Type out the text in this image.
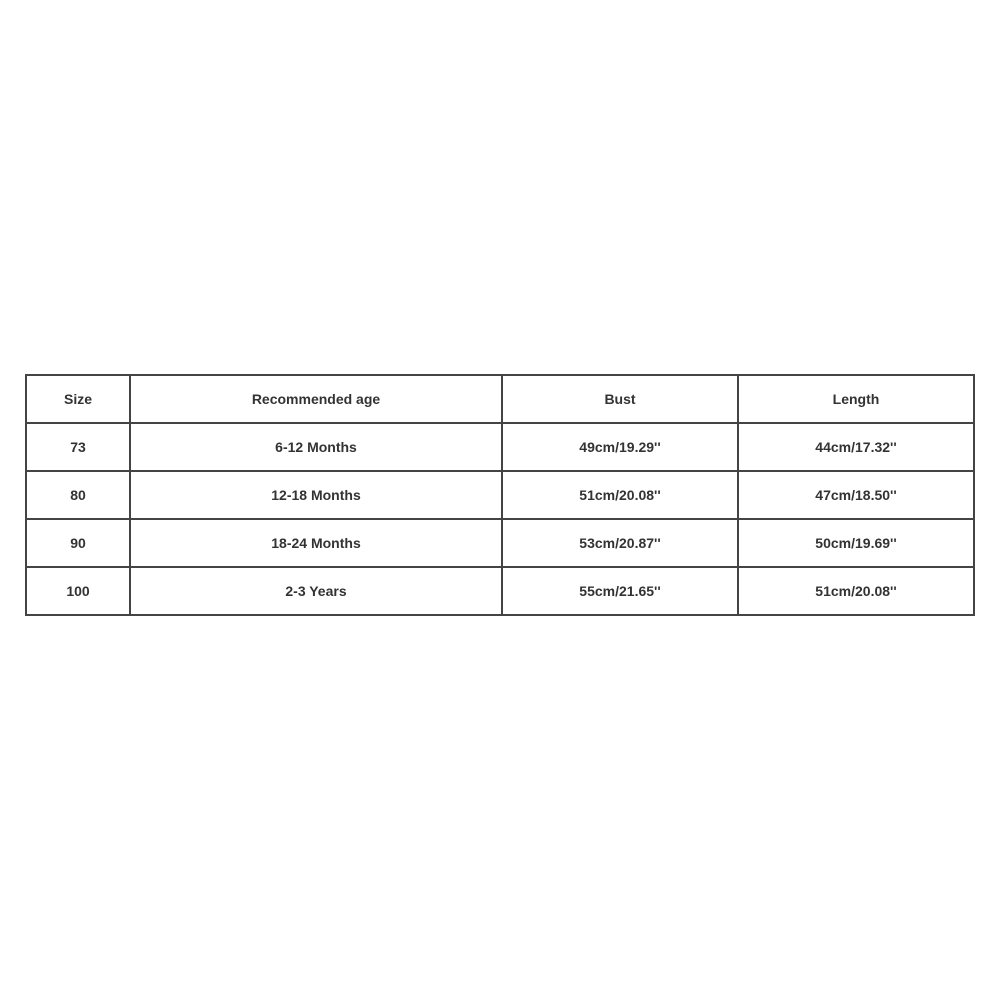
Size	Recommended age	Bust	Length
73	6-12 Months	49cm/19.29''	44cm/17.32''
80	12-18 Months	51cm/20.08''	47cm/18.50''
90	18-24 Months	53cm/20.87''	50cm/19.69''
100	2-3 Years	55cm/21.65''	51cm/20.08''
